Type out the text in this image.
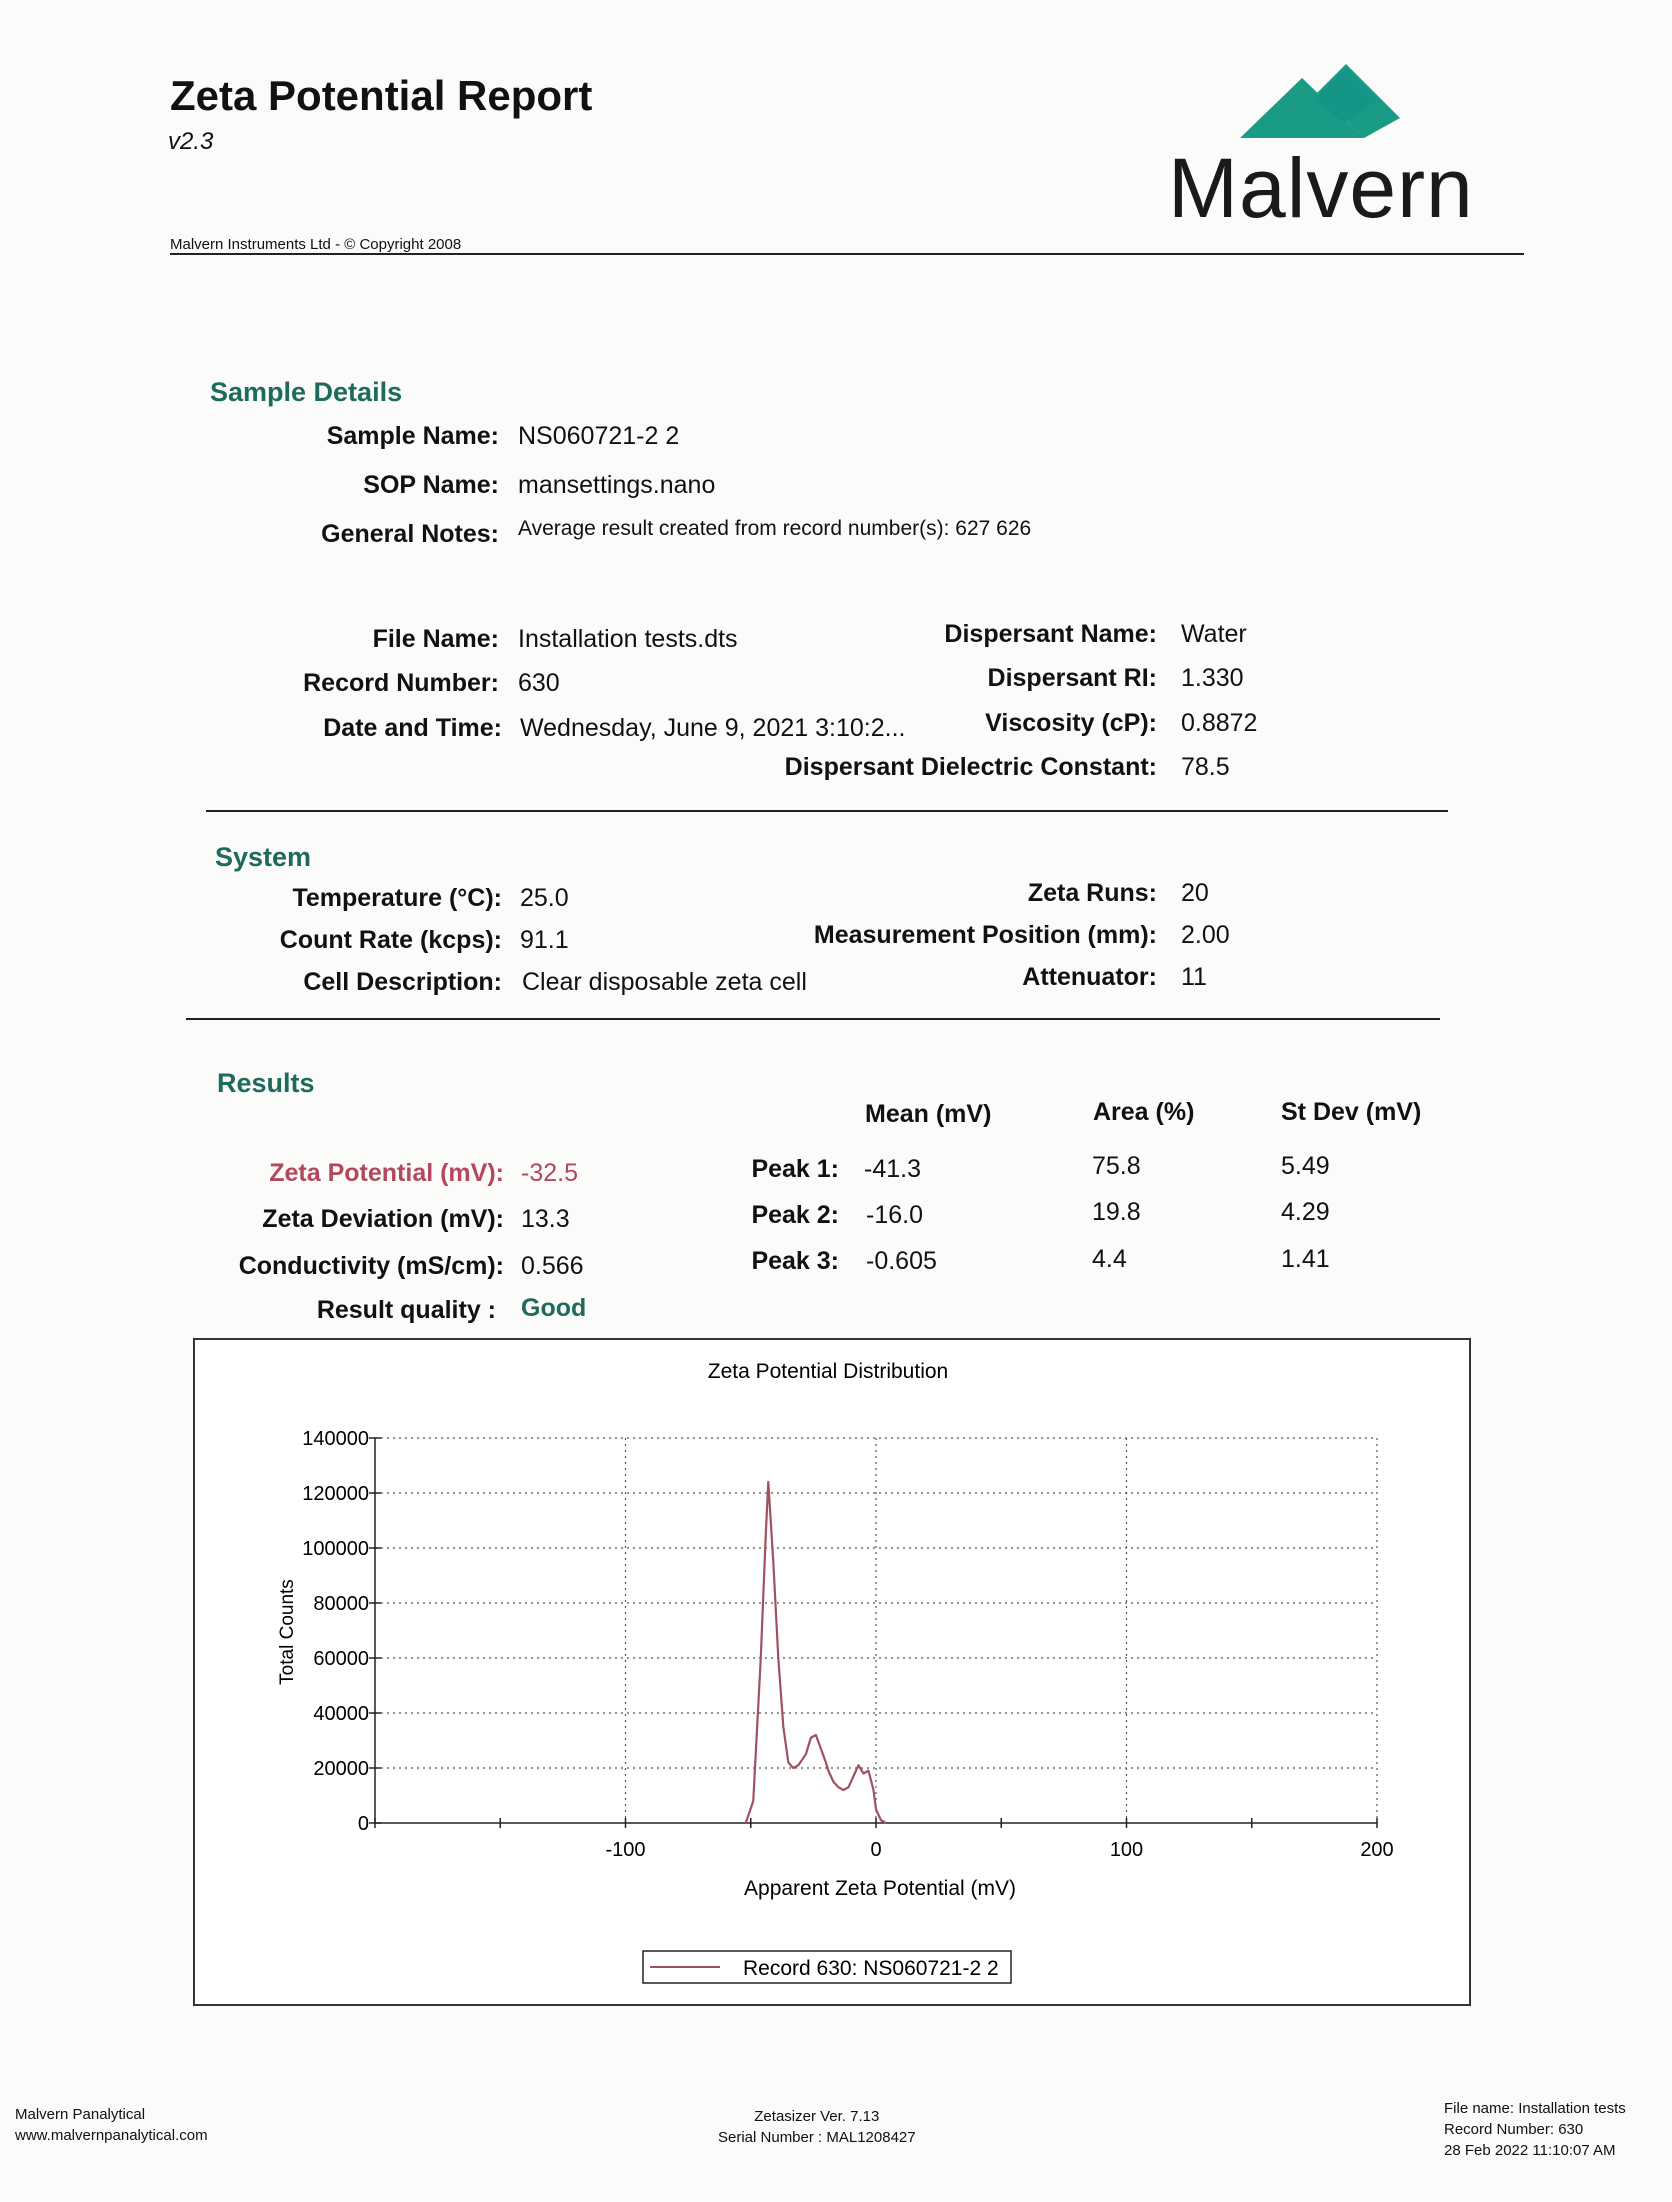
Zeta Potential Report
v2.3
Malvern Instruments Ltd - © Copyright 2008
Malvern
Sample Details
Sample Name: NS060721-2 2
SOP Name: mansettings.nano
General Notes: Average result created from record number(s): 627 626
File Name: Installation tests.dts
Record Number: 630
Date and Time: Wednesday, June 9, 2021 3:10:2...
Dispersant Name: Water
Dispersant RI: 1.330
Viscosity (cP): 0.8872
Dispersant Dielectric Constant: 78.5
System
Temperature (°C): 25.0
Count Rate (kcps): 91.1
Cell Description: Clear disposable zeta cell
Zeta Runs: 20
Measurement Position (mm): 2.00
Attenuator: 11
Results
Zeta Potential (mV): -32.5
Zeta Deviation (mV): 13.3
Conductivity (mS/cm): 0.566
Result quality : Good
Mean (mV)	Area (%)	St Dev (mV)
Peak 1: -41.3	75.8	5.49
Peak 2: -16.0	19.8	4.29
Peak 3: -0.605	4.4	1.41
Zeta Potential Distribution
0
20000
40000
60000
80000
100000
120000
140000
-100	0	100	200
Apparent Zeta Potential (mV)
Total Counts
Record 630: NS060721-2 2
Malvern Panalytical
www.malvernpanalytical.com
Zetasizer Ver. 7.13
Serial Number : MAL1208427
File name: Installation tests
Record Number: 630
28 Feb 2022 11:10:07 AM
